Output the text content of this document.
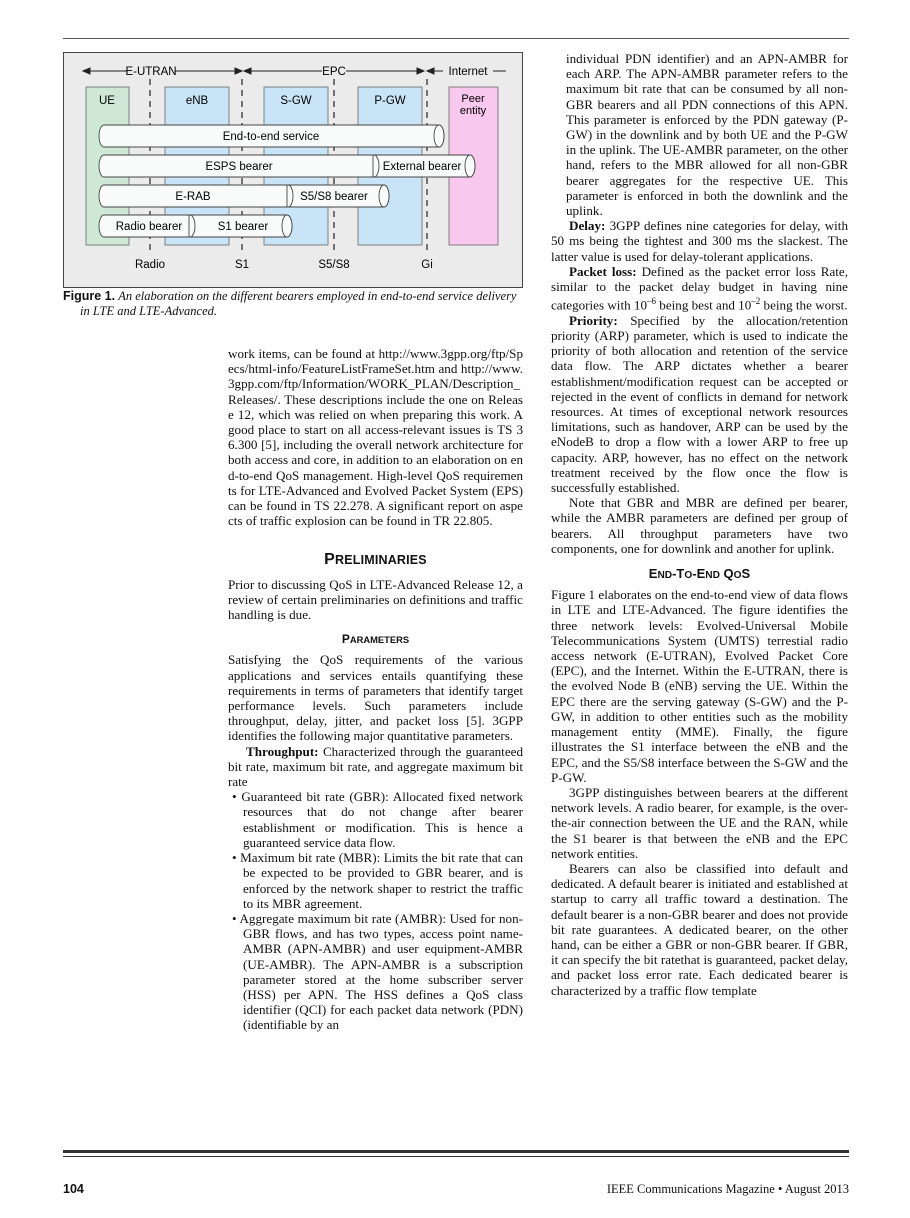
E-UTRAN	EPC	Internet
UE	eNB	S-GW	P-GW	Peer
entity
End-to-end service
ESPS bearer	External bearer
E-RAB	S5/S8 bearer
Radio bearer	S1 bearer
Radio	S1	S5/S8	Gi
Figure 1. An elaboration on the different bearers employed in end-to-end service delivery in LTE and LTE-Advanced.

work items, can be found at http://www.3gpp.org/ftp/Specs/html-info/FeatureListFrameSet.htm and http://www.3gpp.com/ftp/Information/WORK_PLAN/Description_Releases/. These descriptions include the one on Release 12, which was relied on when preparing this work. A good place to start on all access-relevant issues is TS 36.300 [5], including the overall network architecture for both access and core, in addition to an elaboration on end-to-end QoS management. High-level QoS requirements for LTE-Advanced and Evolved Packet System (EPS) can be found in TS 22.278. A significant report on aspects of traffic explosion can be found in TR 22.805.

PRELIMINARIES

Prior to discussing QoS in LTE-Advanced Release 12, a review of certain preliminaries on definitions and traffic handling is due.

PARAMETERS

Satisfying the QoS requirements of the various applications and services entails quantifying these requirements in terms of parameters that identify target performance levels. Such parameters include throughput, delay, jitter, and packet loss [5]. 3GPP identifies the following major quantitative parameters.

Throughput: Characterized through the guaranteed bit rate, maximum bit rate, and aggregate maximum bit rate

• Guaranteed bit rate (GBR): Allocated fixed network resources that do not change after bearer establishment or modification. This is hence a guaranteed service data flow.

• Maximum bit rate (MBR): Limits the bit rate that can be expected to be provided to GBR bearer, and is enforced by the network shaper to restrict the traffic to its MBR agreement.

• Aggregate maximum bit rate (AMBR): Used for non-GBR flows, and has two types, access point name-AMBR (APN-AMBR) and user equipment-AMBR (UE-AMBR). The APN-AMBR is a subscription parameter stored at the home subscriber server (HSS) per APN. The HSS defines a QoS class identifier (QCI) for each packet data network (PDN) (identifiable by an

individual PDN identifier) and an APN-AMBR for each ARP. The APN-AMBR parameter refers to the maximum bit rate that can be consumed by all non-GBR bearers and all PDN connections of this APN. This parameter is enforced by the PDN gateway (P-GW) in the downlink and by both UE and the P-GW in the uplink. The UE-AMBR parameter, on the other hand, refers to the MBR allowed for all non-GBR bearer aggregates for the respective UE. This parameter is enforced in both the downlink and the uplink.

Delay: 3GPP defines nine categories for delay, with 50 ms being the tightest and 300 ms the slackest. The latter value is used for delay-tolerant applications.

Packet loss: Defined as the packet error loss Rate, similar to the packet delay budget in having nine categories with $10^{-6}$ being best and $10^{-2}$ being the worst.

Priority: Specified by the allocation/retention priority (ARP) parameter, which is used to indicate the priority of both allocation and retention of the service data flow. The ARP dictates whether a bearer establishment/modification request can be accepted or rejected in the event of conflicts in demand for network resources. At times of exceptional network resources limitations, such as handover, ARP can be used by the eNodeB to drop a flow with a lower ARP to free up capacity. ARP, however, has no effect on the network treatment received by the flow once the flow is successfully established.

Note that GBR and MBR are defined per bearer, while the AMBR parameters are defined per group of bearers. All throughput parameters have two components, one for downlink and another for uplink.

END-TO-END QOS

Figure 1 elaborates on the end-to-end view of data flows in LTE and LTE-Advanced. The figure identifies the three network levels: Evolved-Universal Mobile Telecommunications System (UMTS) terrestial radio access network (E-UTRAN), Evolved Packet Core (EPC), and the Internet. Within the E-UTRAN, there is the evolved Node B (eNB) serving the UE. Within the EPC there are the serving gateway (S-GW) and the P-GW, in addition to other entities such as the mobility management entity (MME). Finally, the figure illustrates the S1 interface between the eNB and the EPC, and the S5/S8 interface between the S-GW and the P-GW.

3GPP distinguishes between bearers at the different network levels. A radio bearer, for example, is the over-the-air connection between the UE and the RAN, while the S1 bearer is that between the eNB and the EPC network entities.

Bearers can also be classified into default and dedicated. A default bearer is initiated and established at startup to carry all traffic toward a destination. The default bearer is a non-GBR bearer and does not provide bit rate guarantees. A dedicated bearer, on the other hand, can be either a GBR or non-GBR bearer. If GBR, it can specify the bit ratethat is guaranteed, packet delay, and packet loss error rate. Each dedicated bearer is characterized by a traffic flow template

104	IEEE Communications Magazine • August 2013
